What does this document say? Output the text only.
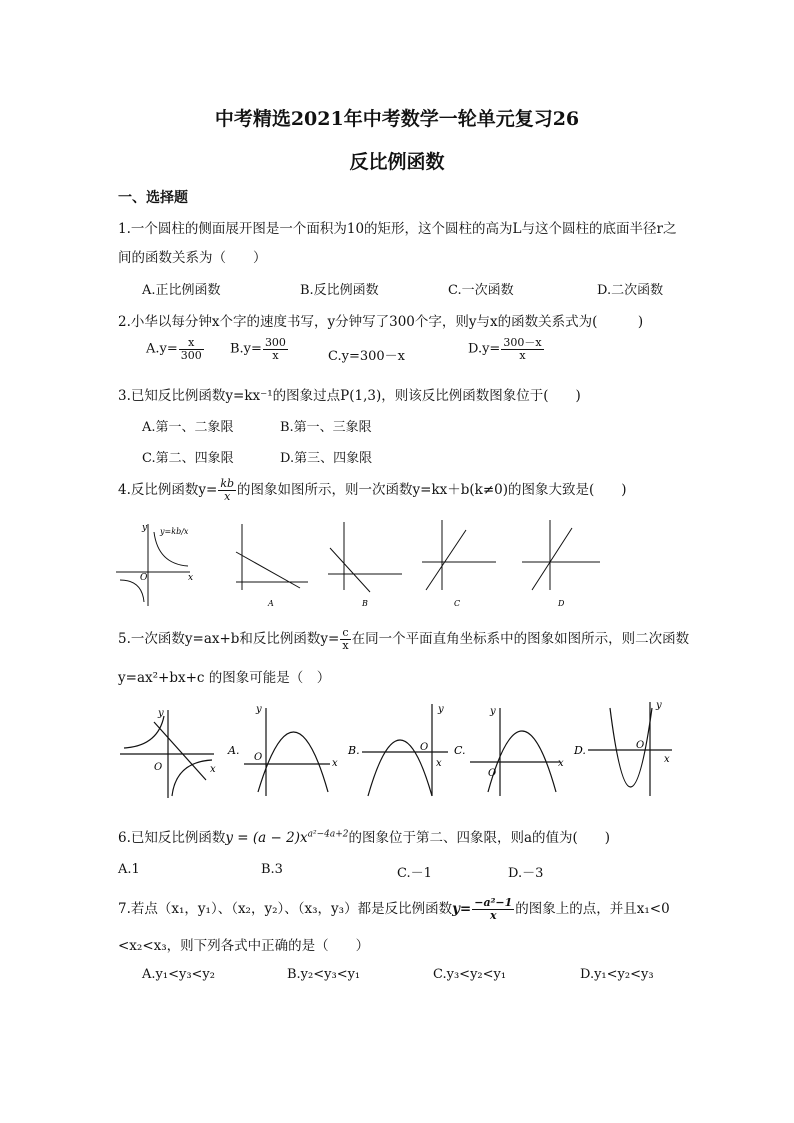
中考精选2021年中考数学一轮单元复习26
反比例函数
一、选择题
1.一个圆柱的侧面展开图是一个面积为10的矩形，这个圆柱的高为L与这个圆柱的底面半径r之
间的函数关系为（　　）
A.正比例函数	B.反比例函数	C.一次函数	D.二次函数
2.小华以每分钟x个字的速度书写，y分钟写了300个字，则y与x的函数关系式为(　　　)
$A.y= \frac{x}{300} B.y= \frac{300}{x}$	C.y=300－x	$D.y= \frac{300-x}{x}$
3.已知反比例函数y=kx⁻¹的图象过点P(1,3)，则该反比例函数图象位于(　　)
A.第一、二象限	B.第一、三象限
C.第二、四象限	D.第三、四象限
4.反比例函数$y= \frac{kb}{x}$ 的图象如图所示，则一次函数y=kx＋b(k≠0)的图象大致是(　　)
y y=kb/x
O	x
A	B	C	D
5.一次函数y=ax+b和反比例函数$y= \frac{c}{x}$ 在同一个平面直角坐标系中的图象如图所示，则二次函数
y=ax²+bx+c 的图象可能是（　）
y
O	x
A.
y
O
x
B.
y
O
x
C.
y
O
x
D.
y
O
x
6.已知反比例函数$y = (a - 2)x^{a^2-4a+2}$的图象位于第二、四象限，则a的值为(　　)
A.1	B.3	C.－1	D.－3
7.若点（x₁，y₁）、（x₂，y₂）、（x₃，y₃）都是反比例函数$y= \frac{\text{−a²−1}}{x}$ 的图象上的点，并且x₁<0
<x₂<x₃，则下列各式中正确的是（　　）
A.y₁<y₃<y₂	B.y₂<y₃<y₁	C.y₃<y₂<y₁	D.y₁<y₂<y₃
